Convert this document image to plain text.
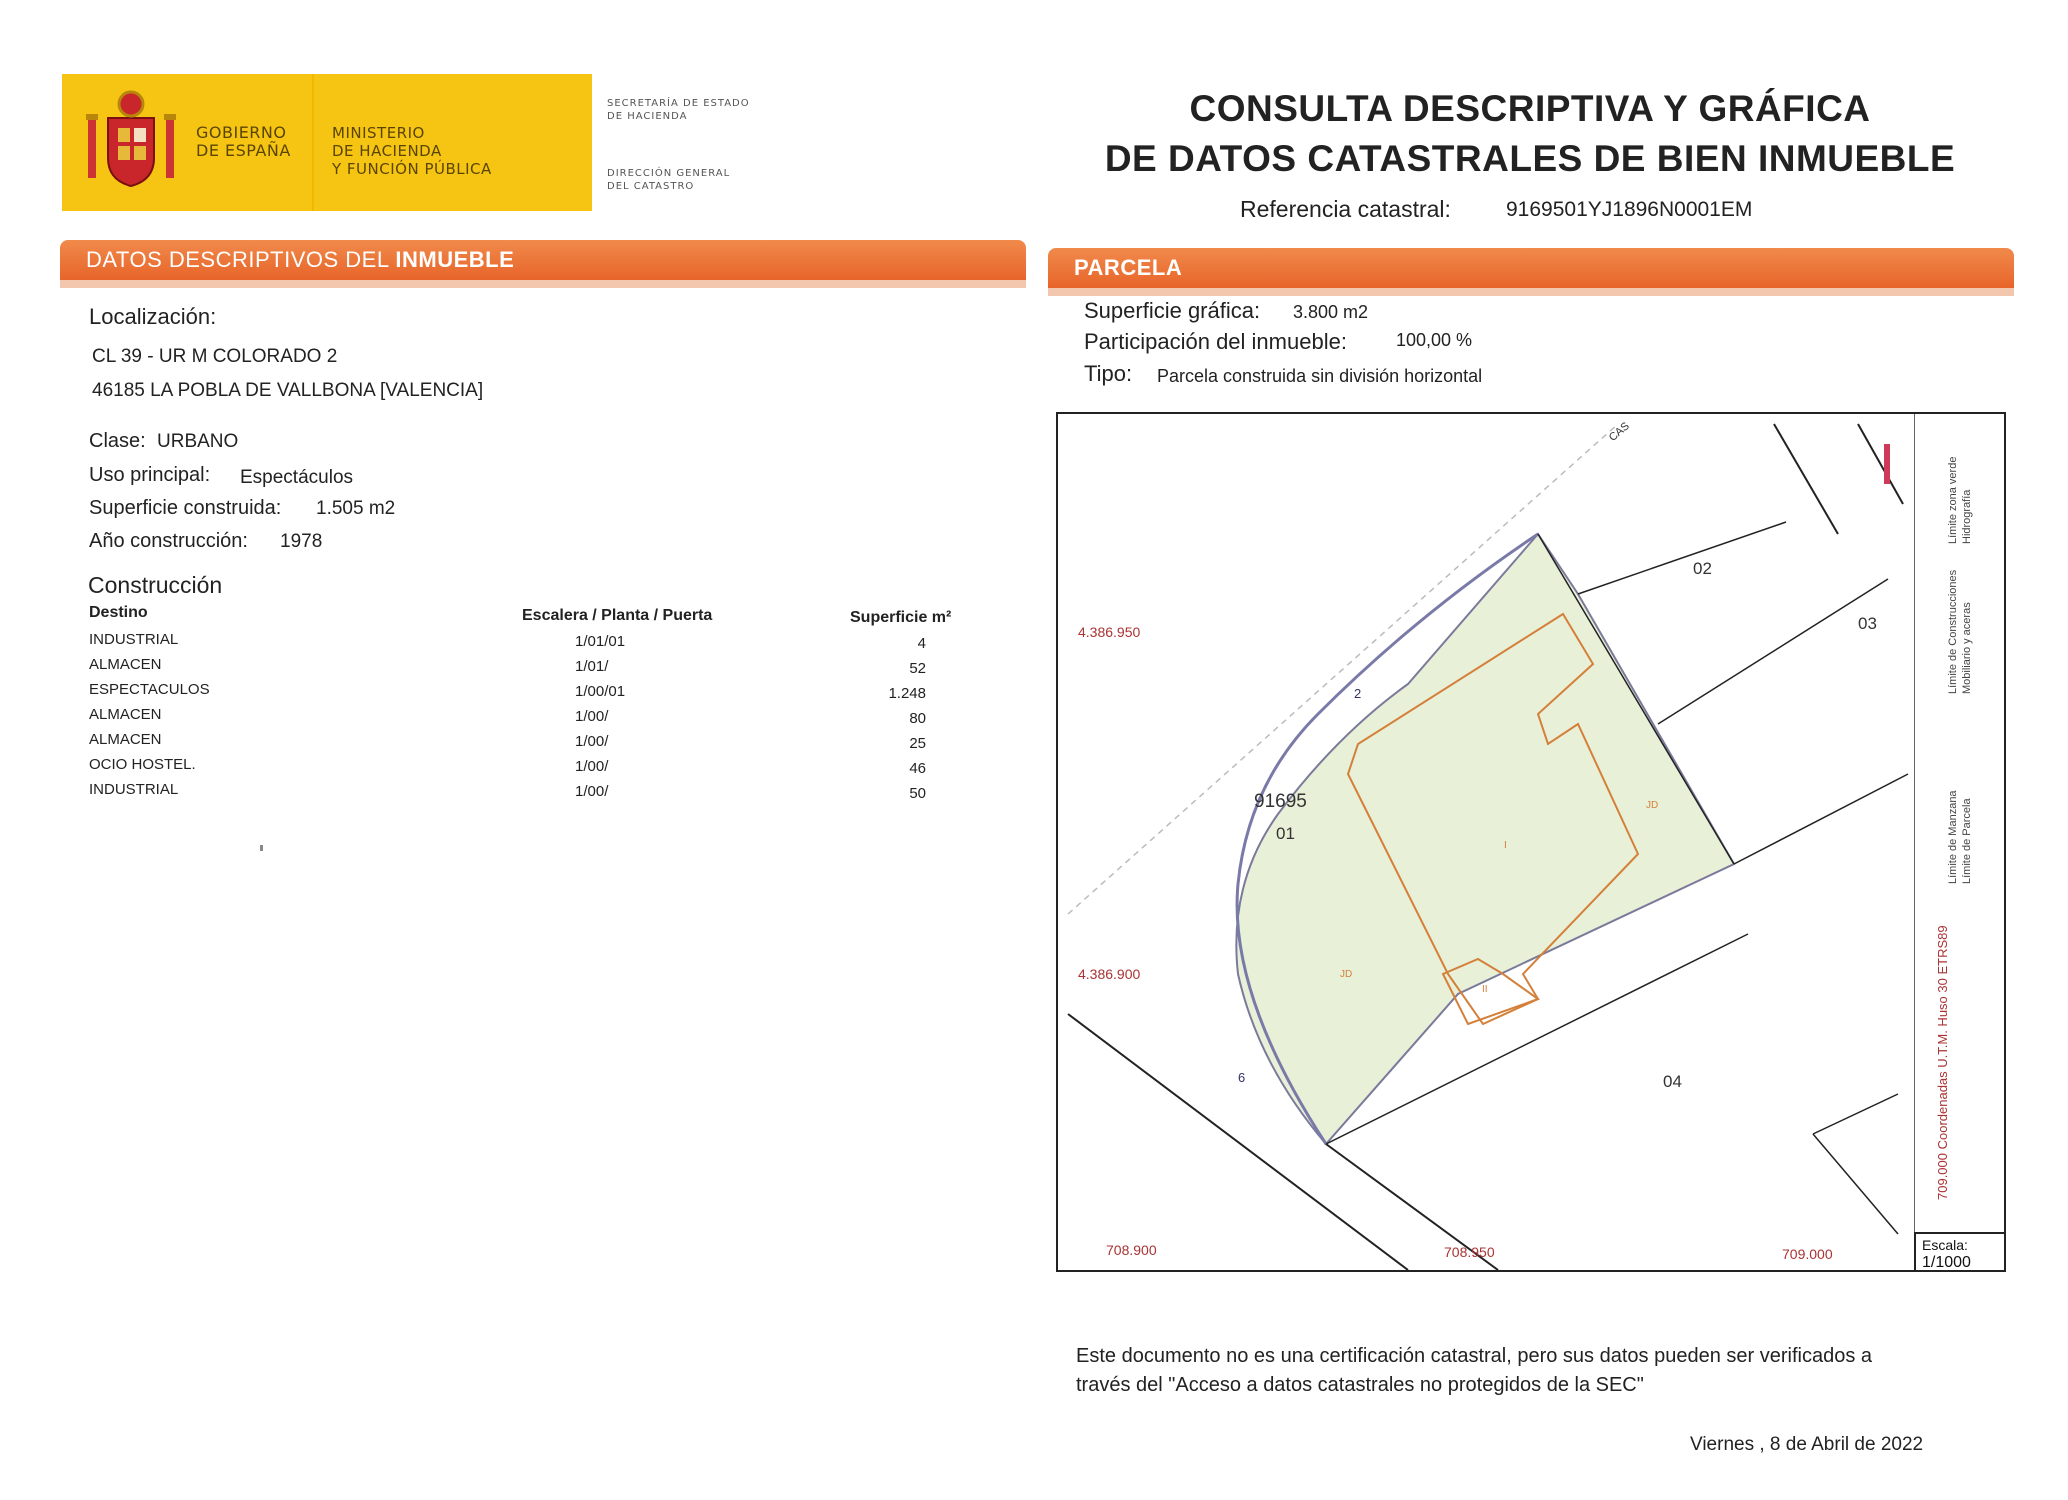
GOBIERNO
DE ESPAÑA
MINISTERIO
DE HACIENDA
Y FUNCIÓN PÚBLICA
SECRETARÍA DE ESTADO
DE HACIENDA
DIRECCIÓN GENERAL
DEL CATASTRO
CONSULTA DESCRIPTIVA Y GRÁFICA
DE DATOS CATASTRALES DE BIEN INMUEBLE
Referencia catastral:	9169501YJ1896N0001EM
DATOS DESCRIPTIVOS DEL INMUEBLE
Localización:
CL 39 - UR M COLORADO 2
46185 LA POBLA DE VALLBONA [VALENCIA]
Clase: URBANO
Uso principal: Espectáculos
Superficie construida: 1.505 m2
Año construcción: 1978
Construcción
Destino	Escalera / Planta / Puerta	Superficie m²
INDUSTRIAL	1/01/01	4
ALMACEN	1/01/	52
ESPECTACULOS	1/00/01	1.248
ALMACEN	1/00/	80
ALMACEN	1/00/	25
OCIO HOSTEL.	1/00/	46
INDUSTRIAL	1/00/	50
PARCELA
Superficie gráfica: 3.800 m2
Participación del inmueble:	100,00 %
Tipo: Parcela construida sin división horizontal
4.386.950
4.386.900
708.900	708.950	709.000
91695
01
02
03
04
CAS
JD
JD
I
II
2
9	709.000 Coordenadas U.T.M. Huso 30 ETRS89
Límite de Manzana Límite de Parcela
Límite de Construcciones Mobiliario y aceras
Límite zona verde Hidrografía
Escala:
1/1000
Este documento no es una certificación catastral, pero sus datos pueden ser verificados a
través del "Acceso a datos catastrales no protegidos de la SEC"
Viernes , 8 de Abril de 2022
